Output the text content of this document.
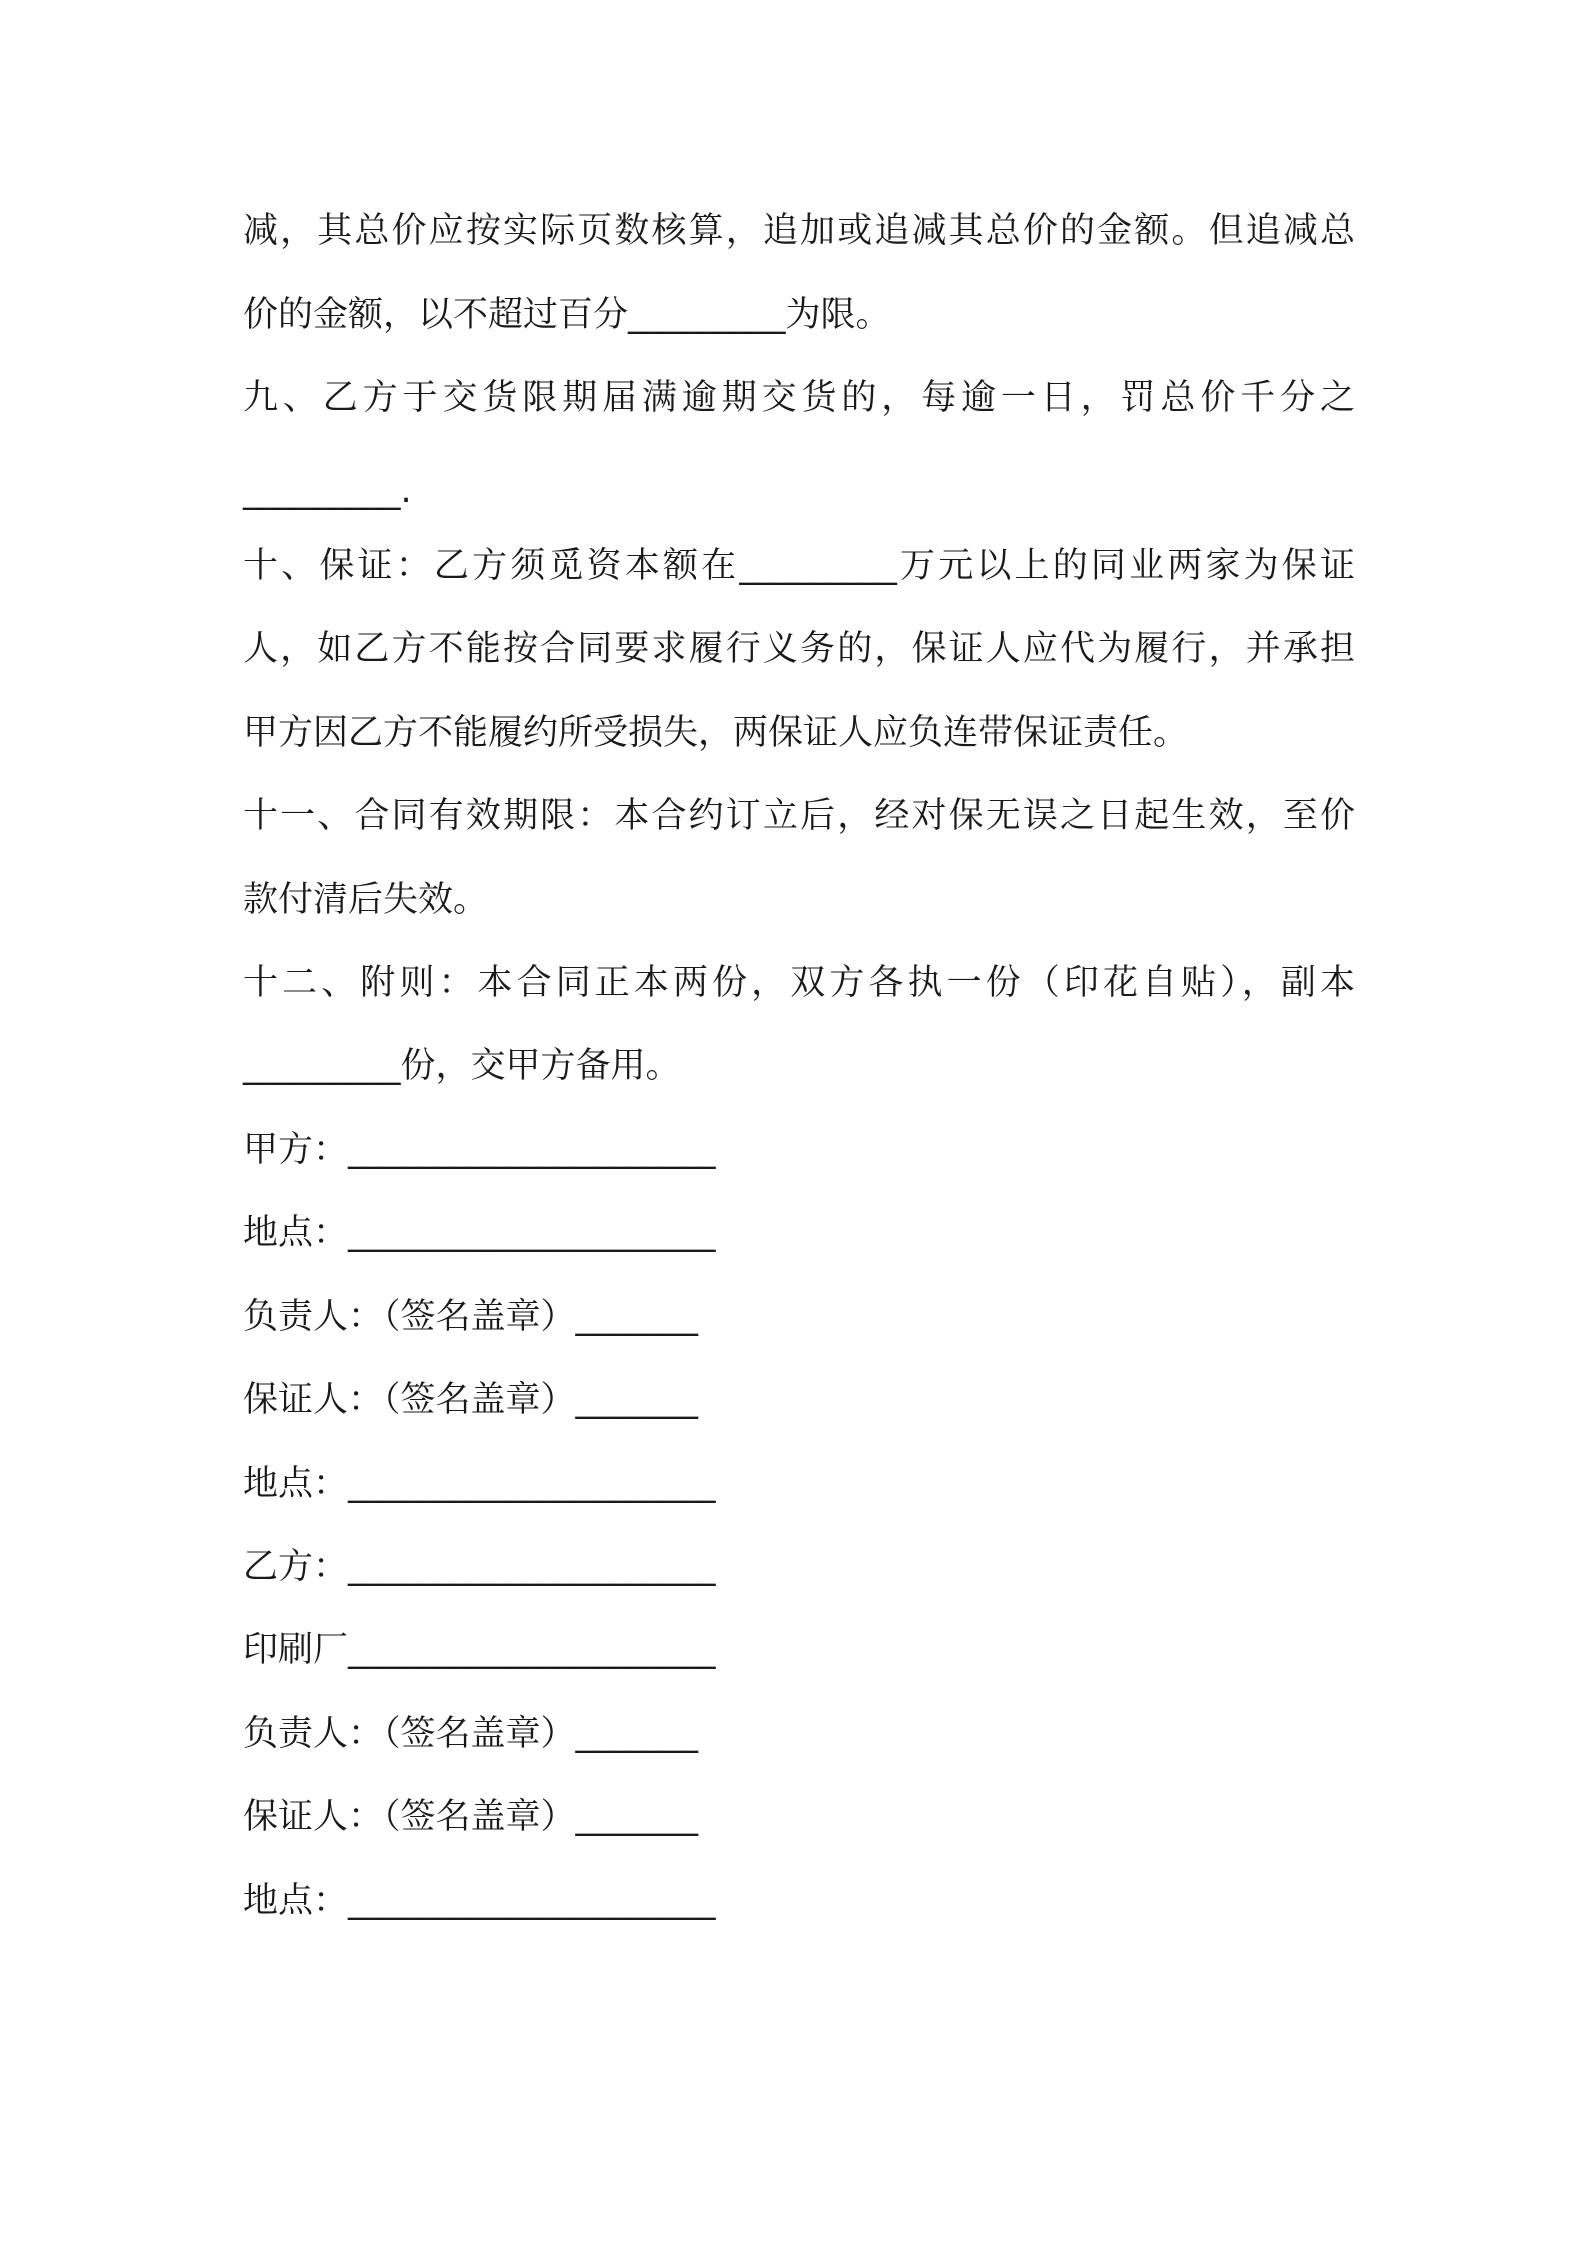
减，其总价应按实际页数核算，追加或追减其总价的金额。但追减总

价的金额，以不超过百分_________为限。

九、乙方于交货限期届满逾期交货的，每逾一日，罚总价千分之

_________.

十、保证：乙方须觅资本额在_________万元以上的同业两家为保证

人，如乙方不能按合同要求履行义务的，保证人应代为履行，并承担

甲方因乙方不能履约所受损失，两保证人应负连带保证责任。

十一、合同有效期限：本合约订立后，经对保无误之日起生效，至价

款付清后失效。

十二、附则：本合同正本两份，双方各执一份（印花自贴），副本

_________份，交甲方备用。

甲方：_____________________

地点：_____________________

负责人：（签名盖章）_______

保证人：（签名盖章）_______

地点：_____________________

乙方：_____________________

印刷厂_____________________

负责人：（签名盖章）_______

保证人：（签名盖章）_______

地点：_____________________
